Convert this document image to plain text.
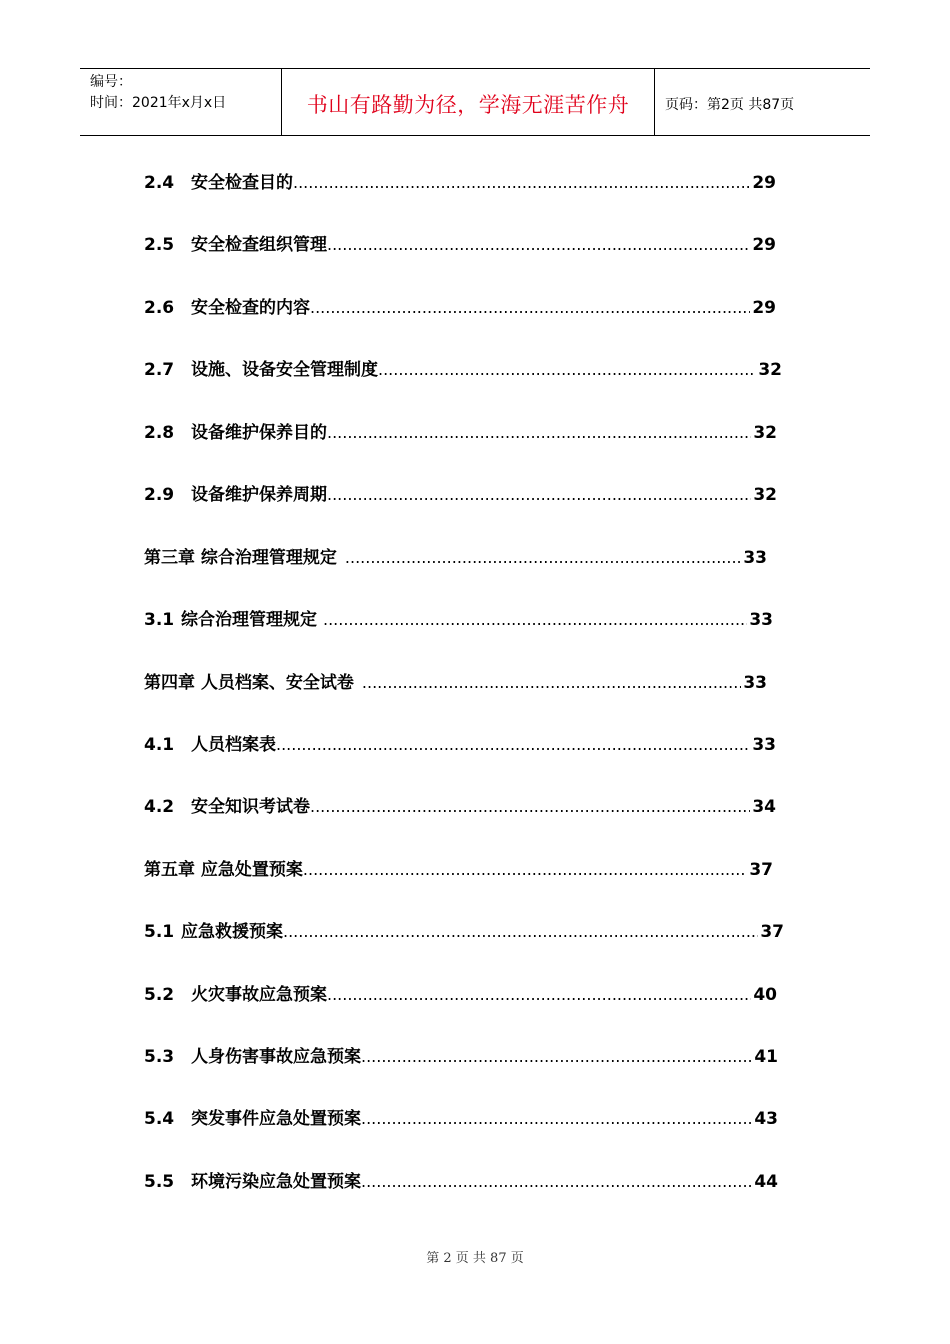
编号：
时间：2021年x月x日	书山有路勤为径，学海无涯苦作舟	页码：第2页 共87页
2.4 安全检查目的 .....	29
2.5 安全检查组织管理 .....	29
2.6 安全检查的内容 .....	29
2.7 设施、设备安全管理制度 .....	32
2.8 设备维护保养目的 .....	32
2.9 设备维护保养周期 .....	32
第三章 综合治理管理规定 .....	33
3.1 综合治理管理规定 .....	33
第四章 人员档案、安全试卷 .....	33
4.1 人员档案表 .....	33
4.2 安全知识考试卷 .....	34
第五章 应急处置预案 .....	37
5.1 应急救援预案 .....	37
5.2 火灾事故应急预案 .....	40
5.3 人身伤害事故应急预案 .....	41
5.4 突发事件应急处置预案 .....	43
5.5 环境污染应急处置预案 .....	44
第 2 页 共 87 页
